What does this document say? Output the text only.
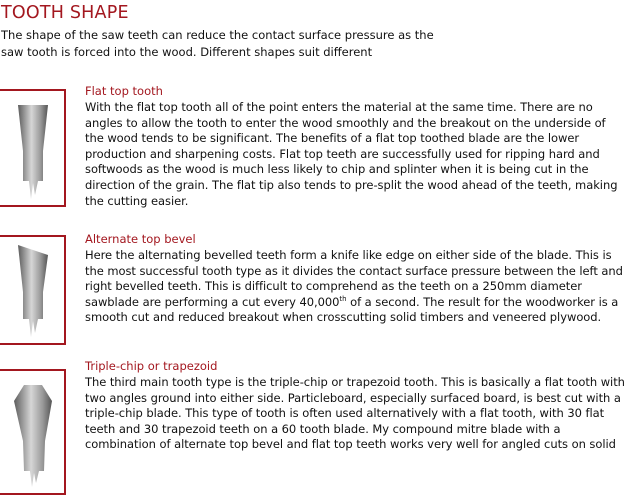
TOOTH SHAPE
The shape of the saw teeth can reduce the contact surface pressure as the saw tooth is forced into the wood. Different shapes suit different
Flat top tooth
With the flat top tooth all of the point enters the material at the same time. There are no angles to allow the tooth to enter the wood smoothly and the breakout on the underside of the wood tends to be significant. The benefits of a flat top toothed blade are the lower production and sharpening costs. Flat top teeth are successfully used for ripping hard and softwoods as the wood is much less likely to chip and splinter when it is being cut in the direction of the grain. The flat tip also tends to pre-split the wood ahead of the teeth, making the cutting easier.
Alternate top bevel
Here the alternating bevelled teeth form a knife like edge on either side of the blade. This is the most successful tooth type as it divides the contact surface pressure between the left and right bevelled teeth. This is difficult to comprehend as the teeth on a 250mm diameter sawblade are performing a cut every 40,000th of a second. The result for the woodworker is a smooth cut and reduced breakout when crosscutting solid timbers and veneered plywood.
Triple-chip or trapezoid
The third main tooth type is the triple-chip or trapezoid tooth. This is basically a flat tooth with two angles ground into either side. Particleboard, especially surfaced board, is best cut with a triple-chip blade. This type of tooth is often used alternatively with a flat tooth, with 30 flat teeth and 30 trapezoid teeth on a 60 tooth blade. My compound mitre blade with a combination of alternate top bevel and flat top teeth works very well for angled cuts on solid
